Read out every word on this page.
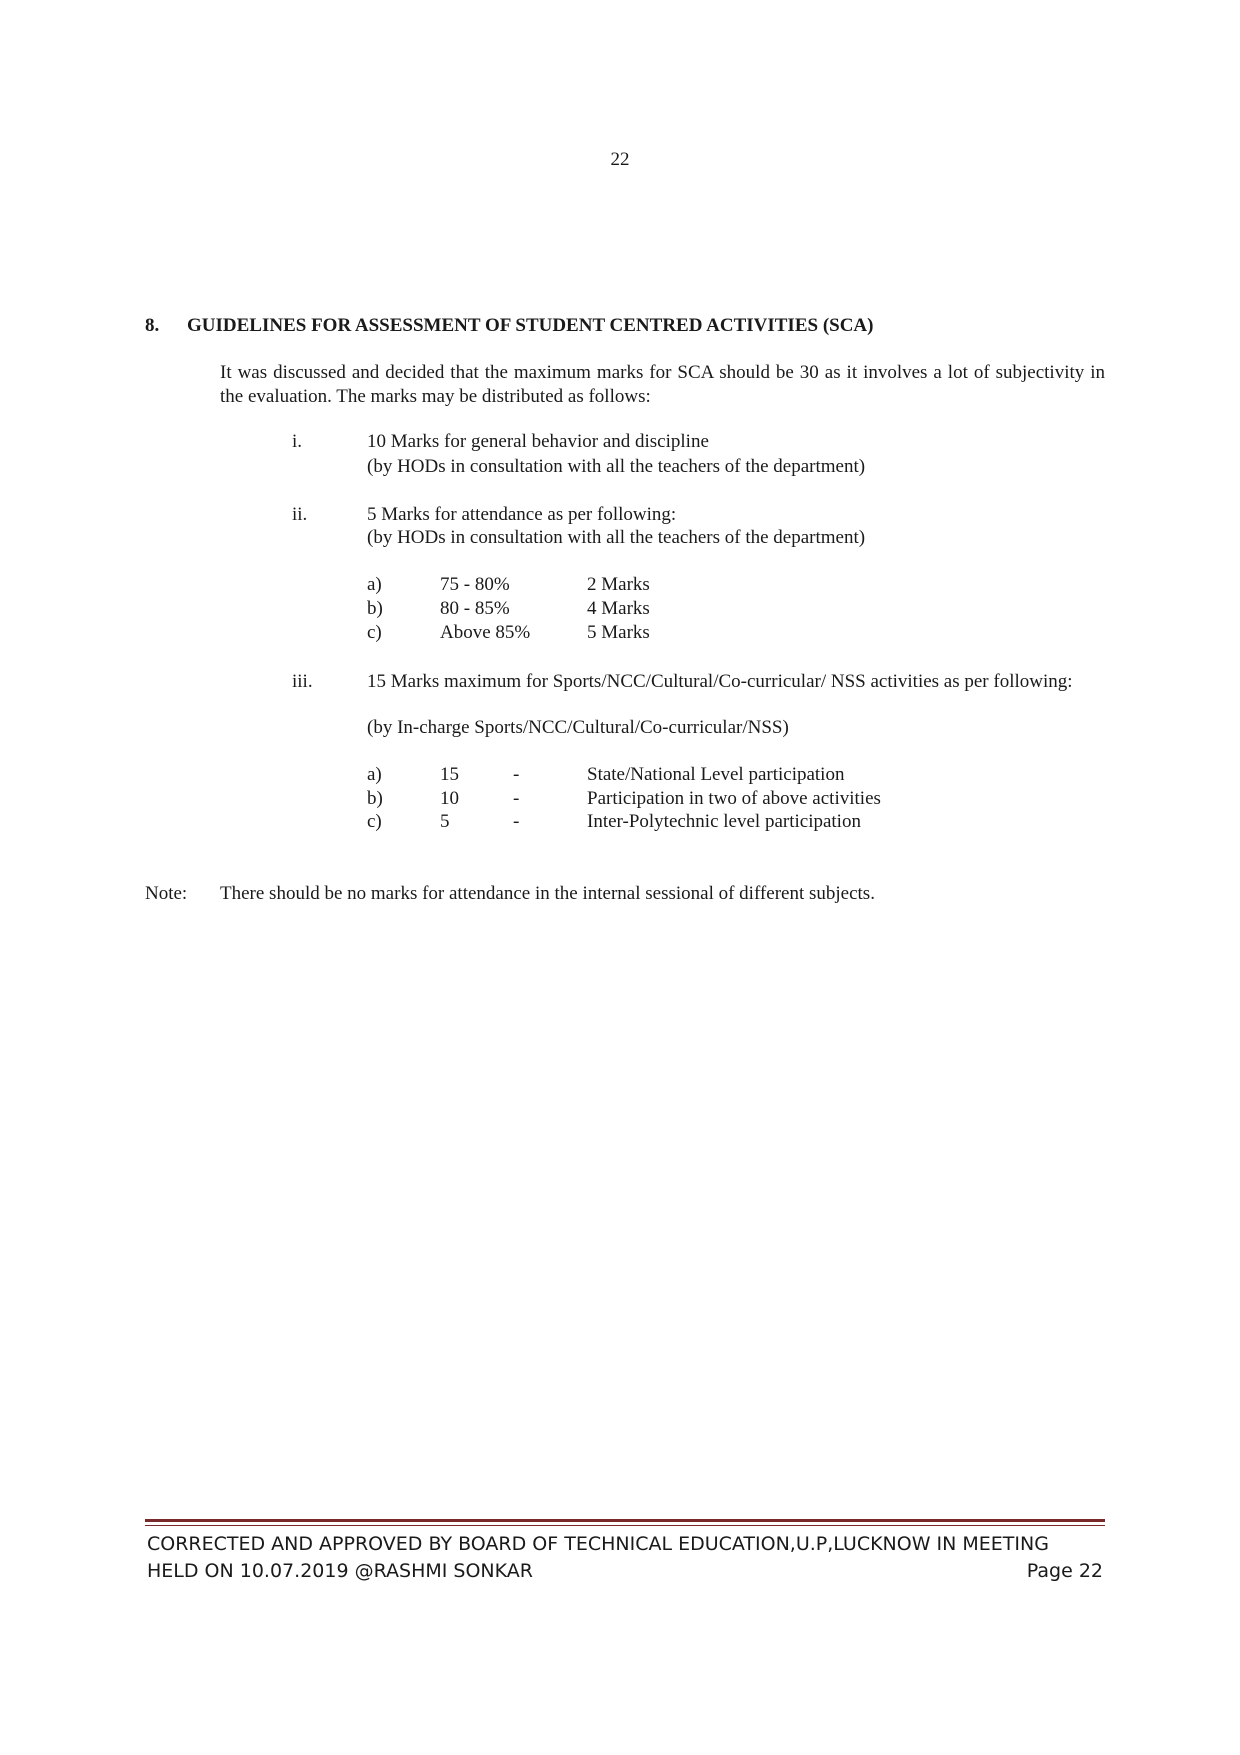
22
8. GUIDELINES FOR ASSESSMENT OF STUDENT CENTRED ACTIVITIES (SCA)
It was discussed and decided that the maximum marks for SCA should be 30 as it involves a lot of subjectivity in the evaluation. The marks may be distributed as follows:
i.	10 Marks for general behavior and discipline
(by HODs in consultation with all the teachers of the department)
ii.	5 Marks for attendance as per following:
(by HODs in consultation with all the teachers of the department)
a)	75 - 80%	2 Marks
b)	80 - 85%	4 Marks
c)	Above 85%	5 Marks
iii.	15 Marks maximum for Sports/NCC/Cultural/Co-curricular/ NSS activities as per following:
(by In-charge Sports/NCC/Cultural/Co-curricular/NSS)
a)	15	-	State/National Level participation
b)	10	-	Participation in two of above activities
c)	5	-	Inter-Polytechnic level participation
Note: There should be no marks for attendance in the internal sessional of different subjects.
CORRECTED AND APPROVED BY BOARD OF TECHNICAL EDUCATION,U.P,LUCKNOW IN MEETING
HELD ON 10.07.2019 @RASHMI SONKAR	Page 22
